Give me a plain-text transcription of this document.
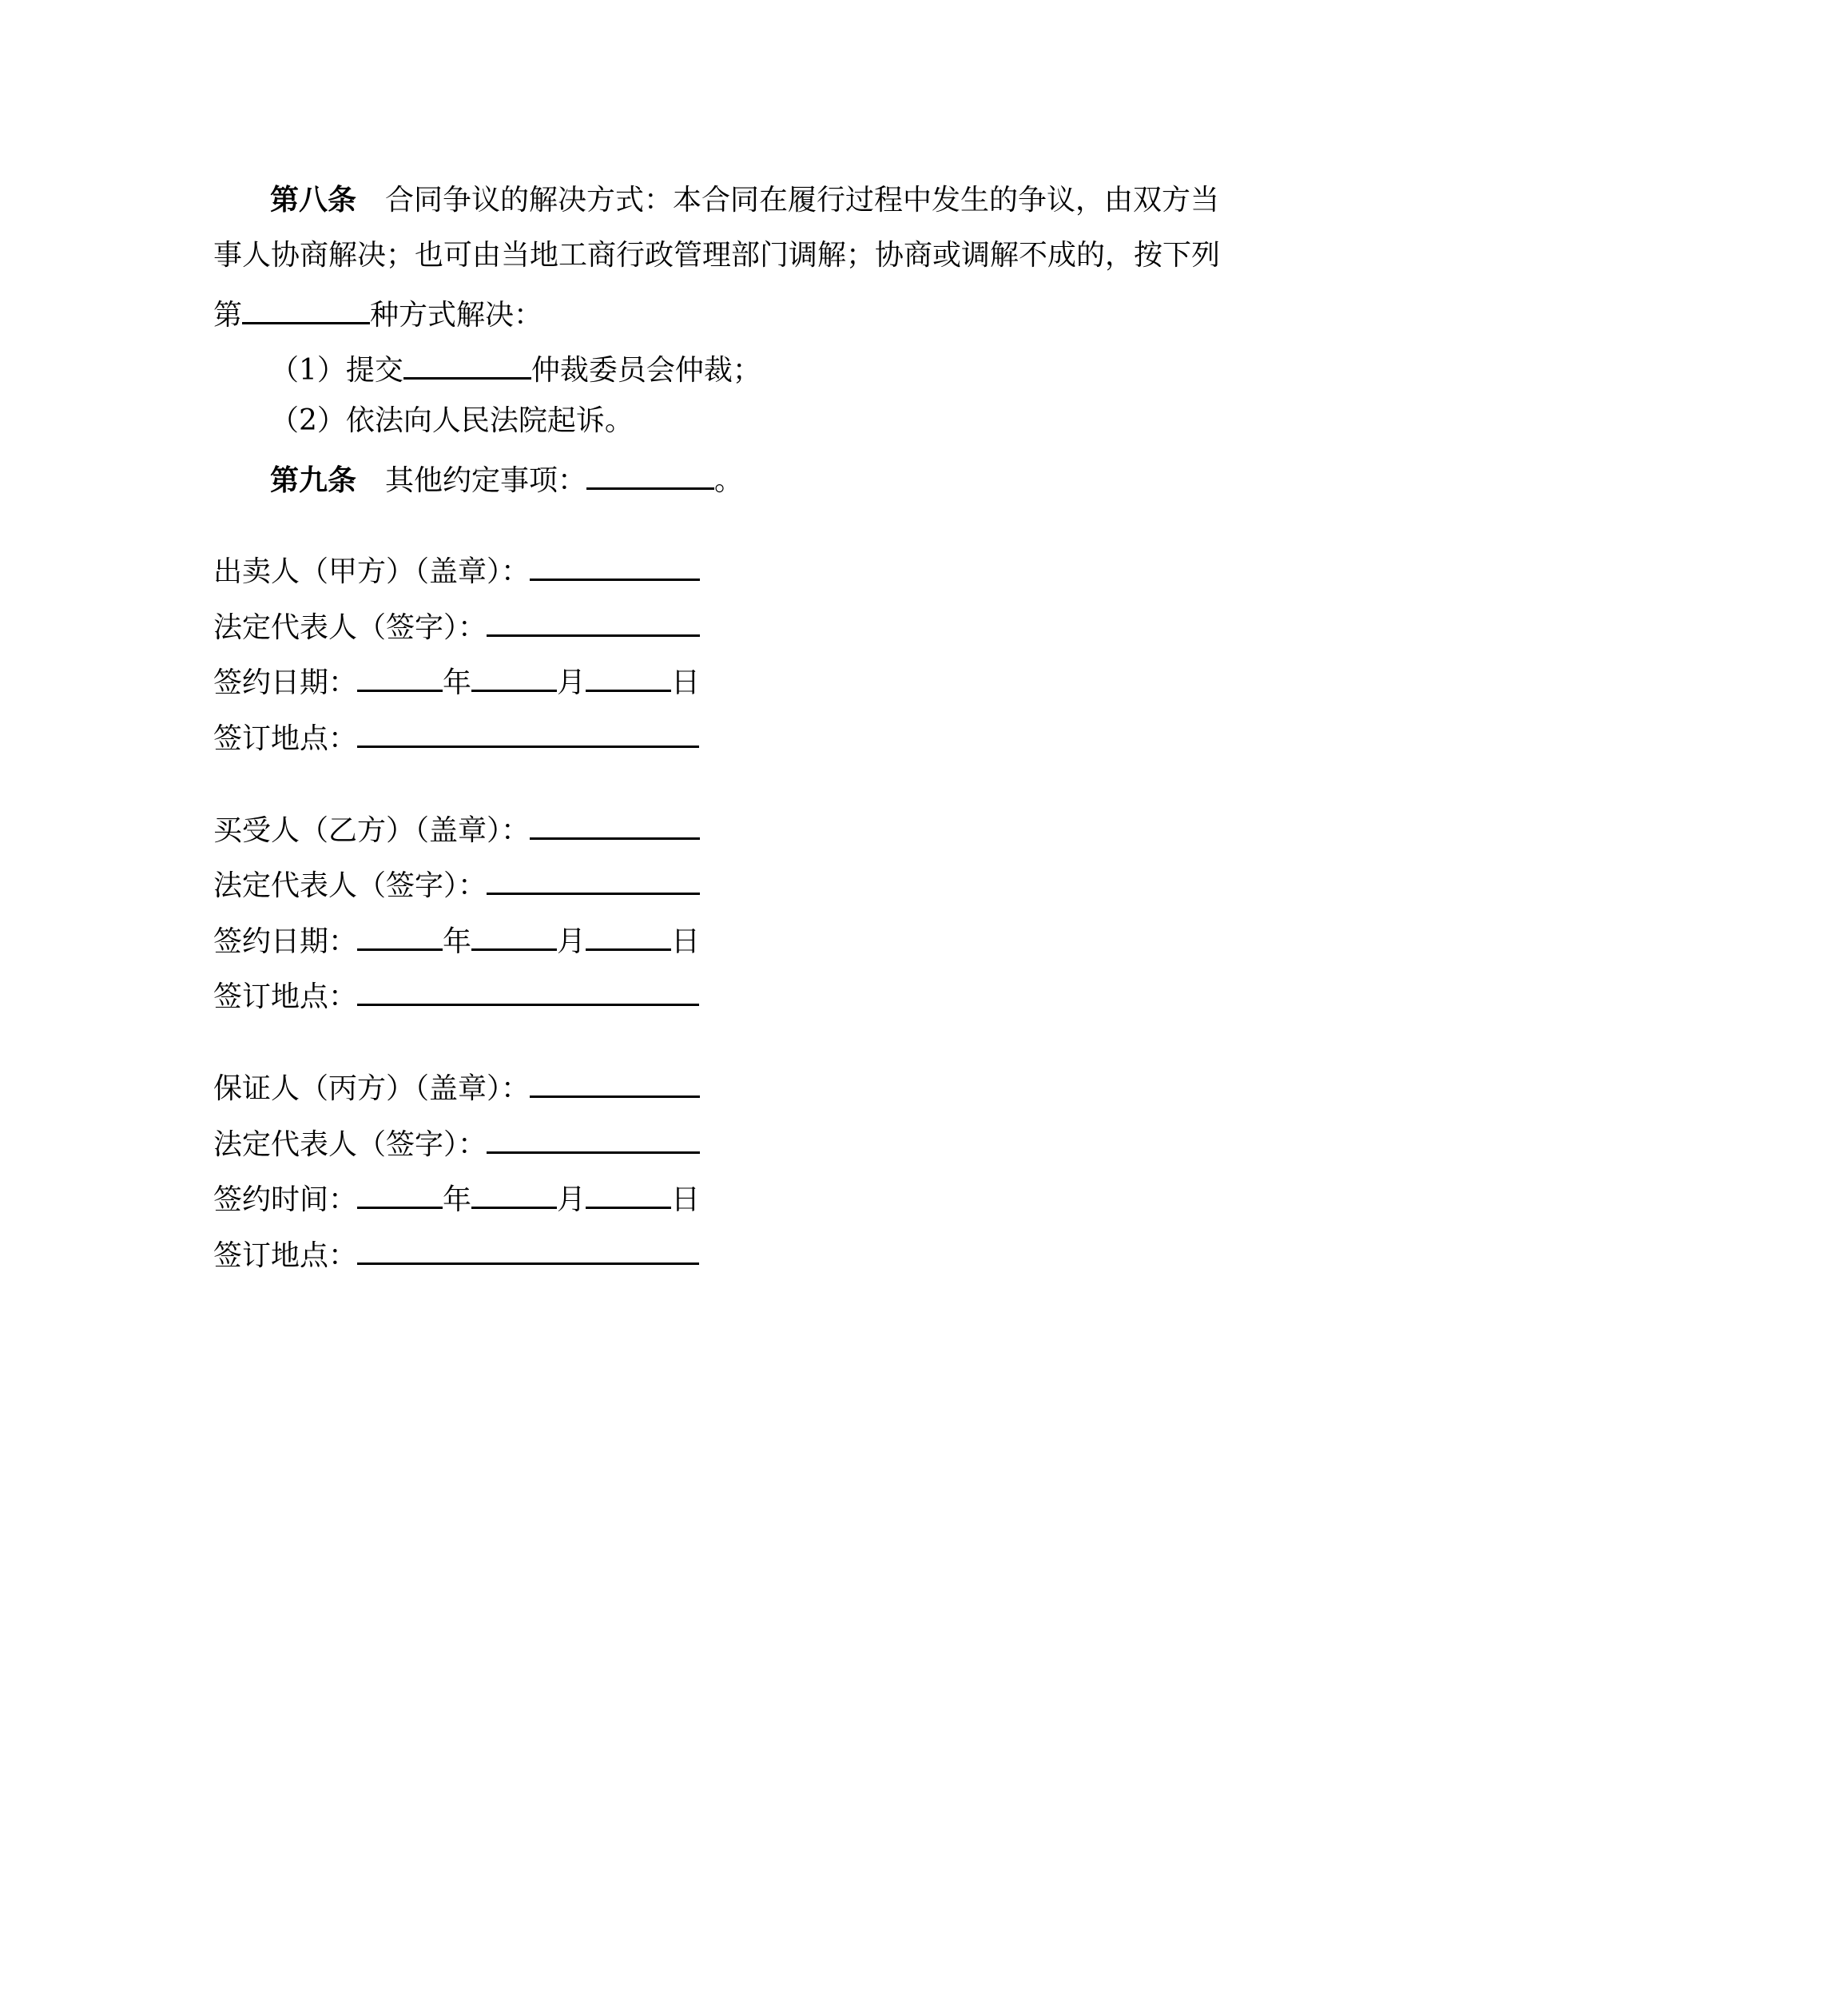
第八条 合同争议的解决方式：本合同在履行过程中发生的争议，由双方当
事人协商解决；也可由当地工商行政管理部门调解；协商或调解不成的，按下列
第	种方式解决：
（1）提交	仲裁委员会仲裁；
（2）依法向人民法院起诉。
第九条 其他约定事项：	。
出卖人（甲方）（盖章）：
法定代表人（签字）：
签约日期：	年	月	日
签订地点：
买受人（乙方）（盖章）：
法定代表人（签字）：
签约日期：	年	月	日
签订地点：
保证人（丙方）（盖章）：
法定代表人（签字）：
签约时间：	年	月	日
签订地点：
